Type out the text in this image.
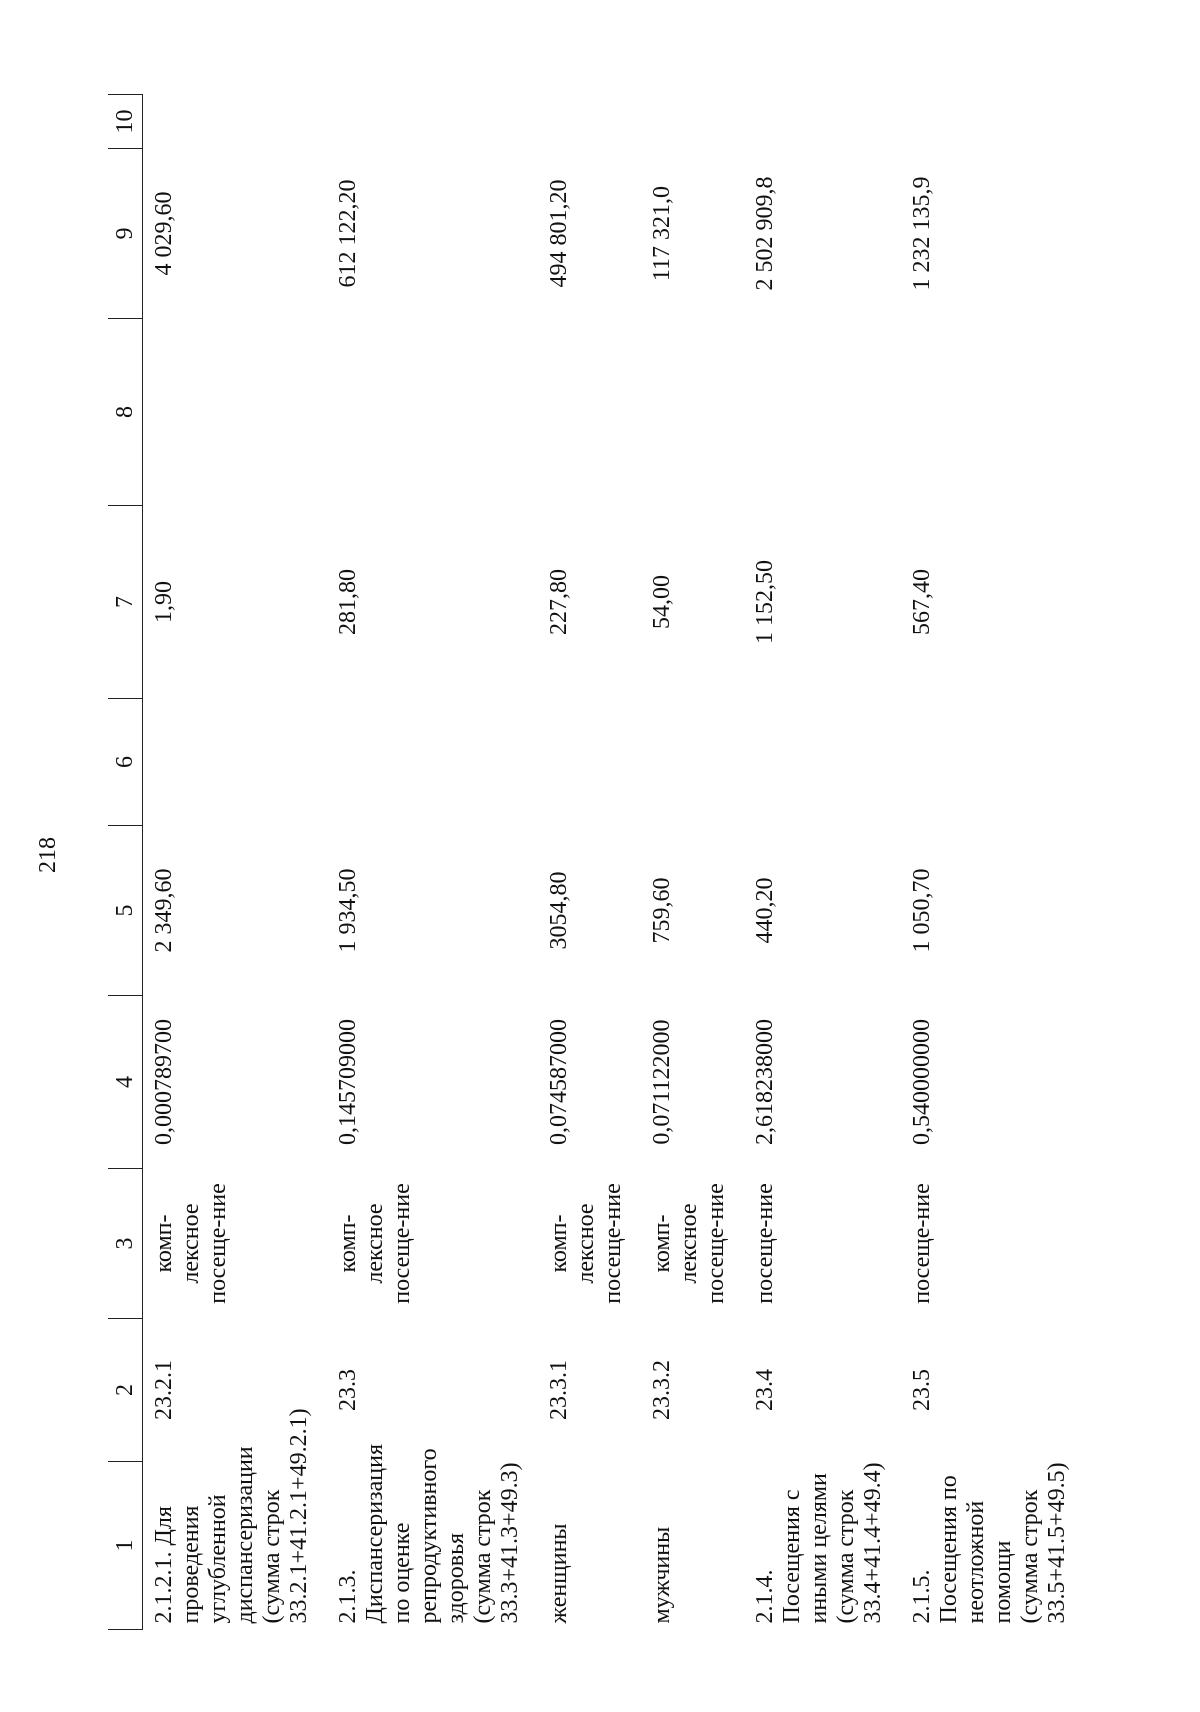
218
1	2	3	4	5	6	7	8	9	10
2.1.2.1. Для проведения углубленной диспансеризации (сумма строк 33.2.1+41.2.1+49.2.1)	23.2.1	комп-лексное посеще-ние	0,000789700	2 349,60		1,90		4 029,60	
2.1.3. Диспансеризация по оценке репродуктивного здоровья (сумма строк 33.3+41.3+49.3)	23.3	комп-лексное посеще-ние	0,145709000	1 934,50		281,80		612 122,20	
женщины	23.3.1	комп-лексное посеще-ние	0,074587000	3054,80		227,80		494 801,20	
мужчины	23.3.2	комп-лексное посеще-ние	0,071122000	759,60		54,00		117 321,0	
2.1.4. Посещения с иными целями (сумма строк 33.4+41.4+49.4)	23.4	посеще-ние	2,618238000	440,20		1 152,50		2 502 909,8	
2.1.5. Посещения по неотложной помощи (сумма строк 33.5+41.5+49.5)	23.5	посеще-ние	0,540000000	1 050,70		567,40		1 232 135,9	
